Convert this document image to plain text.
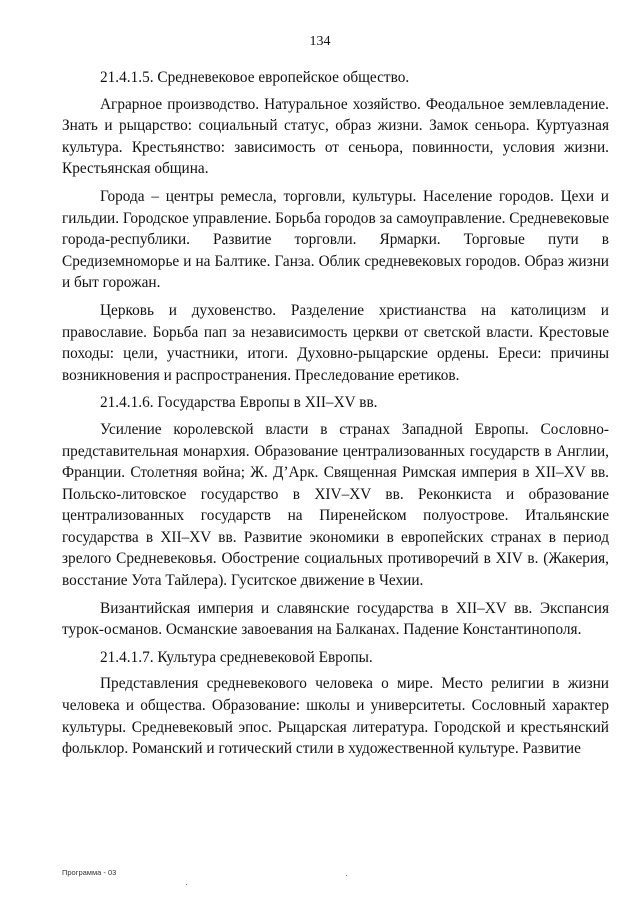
134

21.4.1.5. Средневековое европейское общество.

Аграрное производство. Натуральное хозяйство. Феодальное землевладение. Знать и рыцарство: социальный статус, образ жизни. Замок сеньора. Куртуазная культура. Крестьянство: зависимость от сеньора, повинности, условия жизни. Крестьянская община.

Города – центры ремесла, торговли, культуры. Население городов. Цехи и гильдии. Городское управление. Борьба городов за самоуправление. Средневековые города-республики. Развитие торговли. Ярмарки. Торговые пути в Средиземноморье и на Балтике. Ганза. Облик средневековых городов. Образ жизни и быт горожан.

Церковь и духовенство. Разделение христианства на католицизм и православие. Борьба пап за независимость церкви от светской власти. Крестовые походы: цели, участники, итоги. Духовно-рыцарские ордены. Ереси: причины возникновения и распространения. Преследование еретиков.

21.4.1.6. Государства Европы в XII–XV вв.

Усиление королевской власти в странах Западной Европы. Сословно-представительная монархия. Образование централизованных государств в Англии, Франции. Столетняя война; Ж. Д’Арк. Священная Римская империя в XII–XV вв. Польско-литовское государство в XIV–XV вв. Реконкиста и образование централизованных государств на Пиренейском полуострове. Итальянские государства в XII–XV вв. Развитие экономики в европейских странах в период зрелого Средневековья. Обострение социальных противоречий в XIV в. (Жакерия, восстание Уота Тайлера). Гуситское движение в Чехии.

Византийская империя и славянские государства в XII–XV вв. Экспансия турок-османов. Османские завоевания на Балканах. Падение Константинополя.

21.4.1.7. Культура средневековой Европы.

Представления средневекового человека о мире. Место религии в жизни человека и общества. Образование: школы и университеты. Сословный характер культуры. Средневековый эпос. Рыцарская литература. Городской и крестьянский фольклор. Романский и готический стили в художественной культуре. Развитие

Программа - 03
